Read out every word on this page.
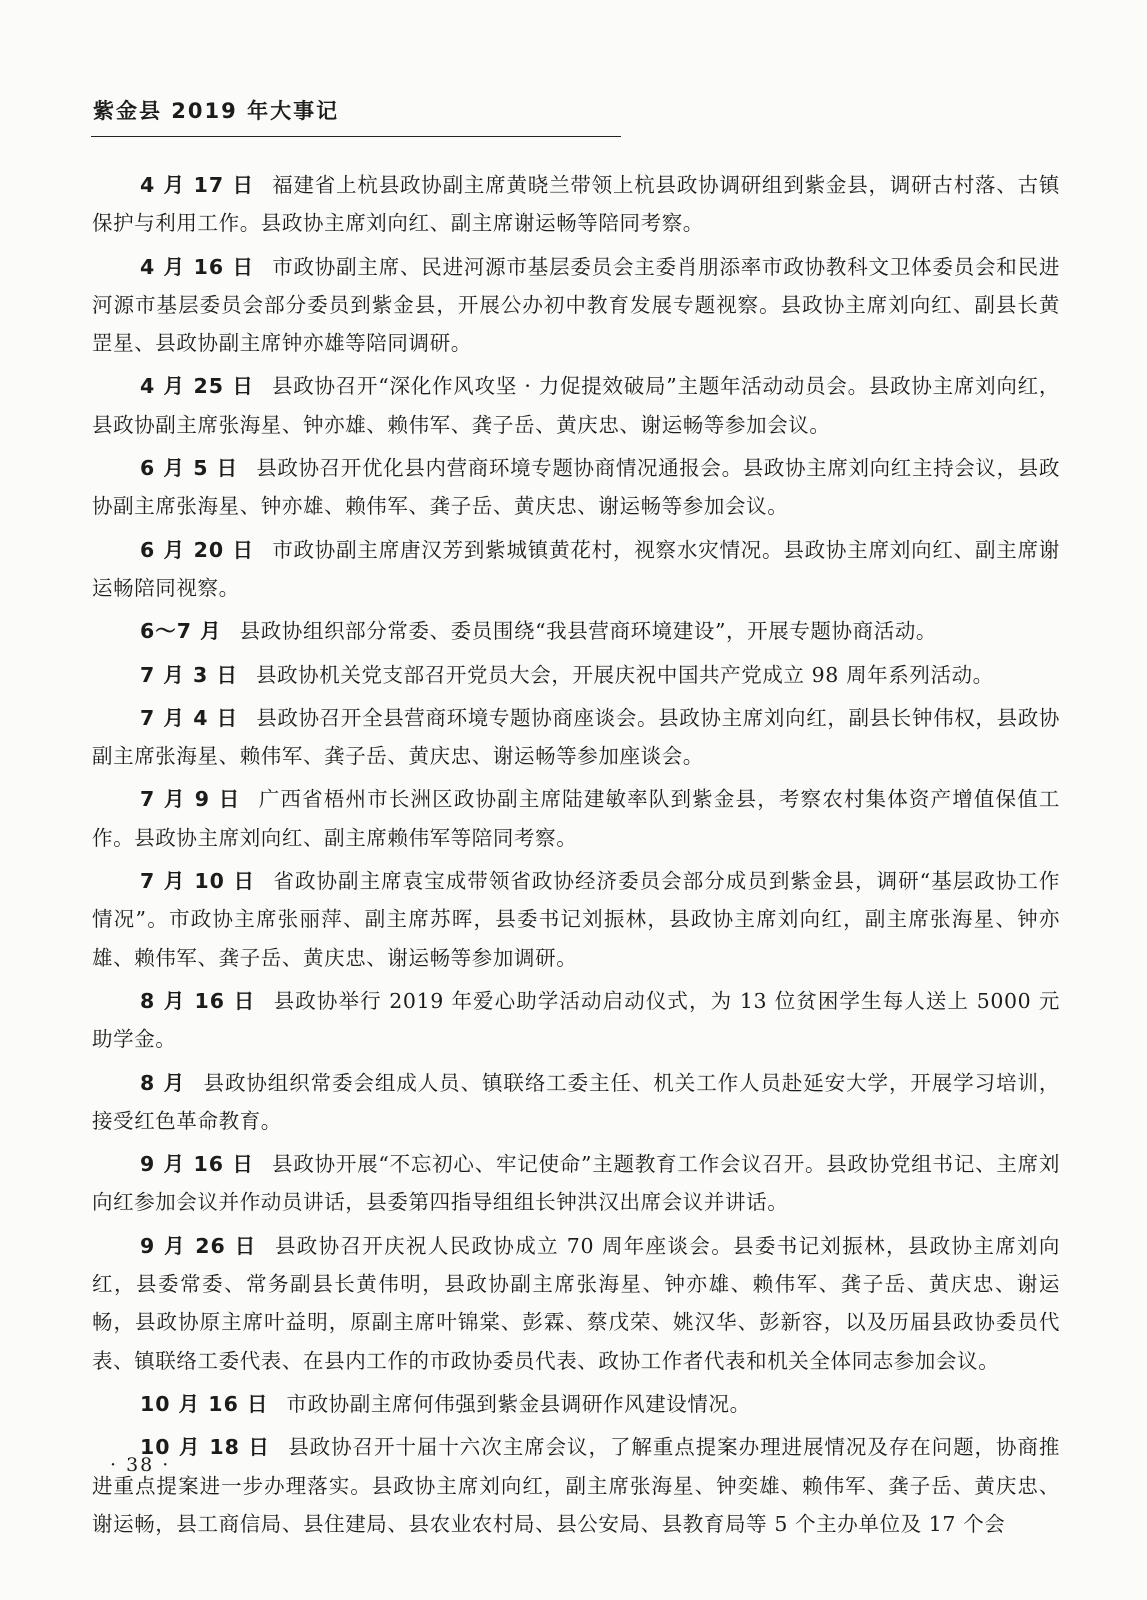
紫金县 2019 年大事记

4 月 17 日 福建省上杭县政协副主席黄晓兰带领上杭县政协调研组到紫金县，调研古村落、古镇保护与利用工作。县政协主席刘向红、副主席谢运畅等陪同考察。

4 月 16 日 市政协副主席、民进河源市基层委员会主委肖朋添率市政协教科文卫体委员会和民进河源市基层委员会部分委员到紫金县，开展公办初中教育发展专题视察。县政协主席刘向红、副县长黄罡星、县政协副主席钟亦雄等陪同调研。

4 月 25 日 县政协召开“深化作风攻坚 · 力促提效破局”主题年活动动员会。县政协主席刘向红，县政协副主席张海星、钟亦雄、赖伟军、龚子岳、黄庆忠、谢运畅等参加会议。

6 月 5 日 县政协召开优化县内营商环境专题协商情况通报会。县政协主席刘向红主持会议，县政协副主席张海星、钟亦雄、赖伟军、龚子岳、黄庆忠、谢运畅等参加会议。

6 月 20 日 市政协副主席唐汉芳到紫城镇黄花村，视察水灾情况。县政协主席刘向红、副主席谢运畅陪同视察。

6～7 月 县政协组织部分常委、委员围绕“我县营商环境建设”，开展专题协商活动。

7 月 3 日 县政协机关党支部召开党员大会，开展庆祝中国共产党成立 98 周年系列活动。

7 月 4 日 县政协召开全县营商环境专题协商座谈会。县政协主席刘向红，副县长钟伟权，县政协副主席张海星、赖伟军、龚子岳、黄庆忠、谢运畅等参加座谈会。

7 月 9 日 广西省梧州市长洲区政协副主席陆建敏率队到紫金县，考察农村集体资产增值保值工作。县政协主席刘向红、副主席赖伟军等陪同考察。

7 月 10 日 省政协副主席袁宝成带领省政协经济委员会部分成员到紫金县，调研“基层政协工作情况”。市政协主席张丽萍、副主席苏晖，县委书记刘振林，县政协主席刘向红，副主席张海星、钟亦雄、赖伟军、龚子岳、黄庆忠、谢运畅等参加调研。

8 月 16 日 县政协举行 2019 年爱心助学活动启动仪式，为 13 位贫困学生每人送上 5000 元助学金。

8 月 县政协组织常委会组成人员、镇联络工委主任、机关工作人员赴延安大学，开展学习培训，接受红色革命教育。

9 月 16 日 县政协开展“不忘初心、牢记使命”主题教育工作会议召开。县政协党组书记、主席刘向红参加会议并作动员讲话，县委第四指导组组长钟洪汉出席会议并讲话。

9 月 26 日 县政协召开庆祝人民政协成立 70 周年座谈会。县委书记刘振林，县政协主席刘向红，县委常委、常务副县长黄伟明，县政协副主席张海星、钟亦雄、赖伟军、龚子岳、黄庆忠、谢运畅，县政协原主席叶益明，原副主席叶锦棠、彭霖、蔡戊荣、姚汉华、彭新容，以及历届县政协委员代表、镇联络工委代表、在县内工作的市政协委员代表、政协工作者代表和机关全体同志参加会议。

10 月 16 日 市政协副主席何伟强到紫金县调研作风建设情况。

10 月 18 日 县政协召开十届十六次主席会议，了解重点提案办理进展情况及存在问题，协商推进重点提案进一步办理落实。县政协主席刘向红，副主席张海星、钟奕雄、赖伟军、龚子岳、黄庆忠、谢运畅，县工商信局、县住建局、县农业农村局、县公安局、县教育局等 5 个主办单位及 17 个会

· 38 ·
